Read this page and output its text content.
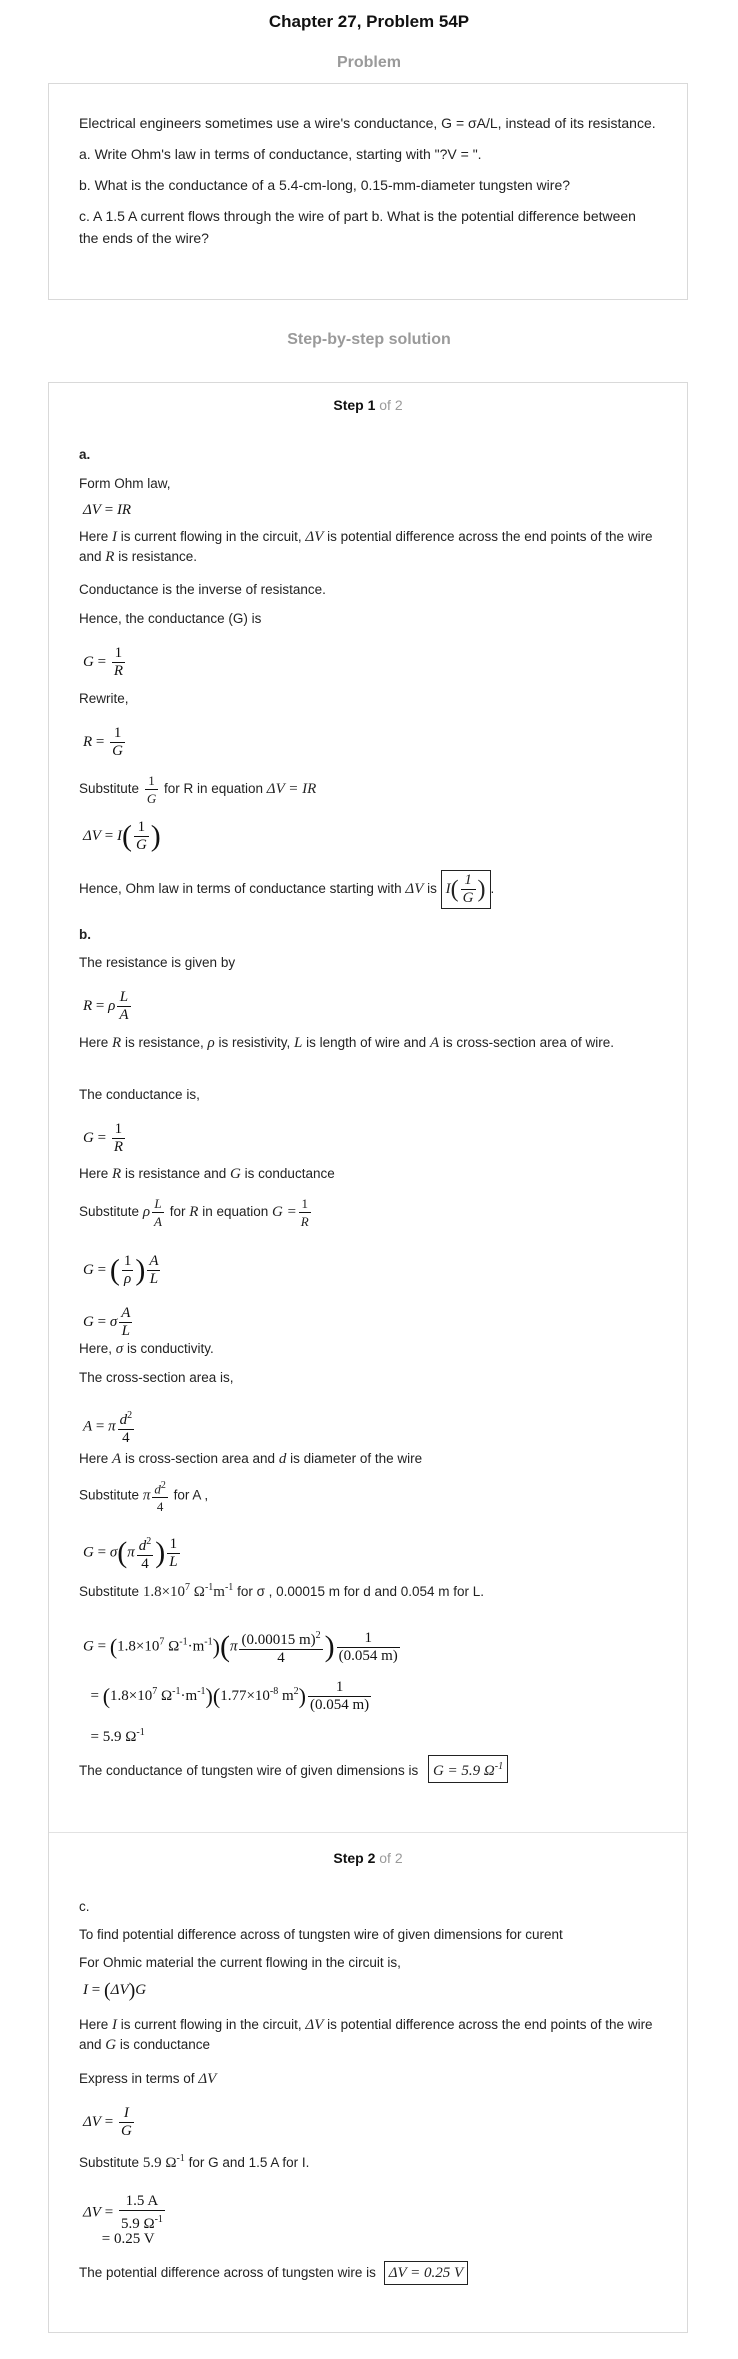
Chapter 27, Problem 54P
Problem

Electrical engineers sometimes use a wire's conductance, G = σA/L, instead of its resistance.

a. Write Ohm's law in terms of conductance, starting with "?V = ".

b. What is the conductance of a 5.4-cm-long, 0.15-mm-diameter tungsten wire?

c. A 1.5 A current flows through the wire of part b. What is the potential difference between the ends of the wire?

Step-by-step solution
Step 1 of 2
a.
Form Ohm law,
ΔV = IR
Here I is current flowing in the circuit, ΔV is potential difference across the end points of the wire and R is resistance.
Conductance is the inverse of resistance.
Hence, the conductance (G) is
$G = \frac{1}{R}$
Rewrite,
$R = \frac{1}{G}$
Substitute $\frac{1}{G}$ for R in equation ΔV = IR
$\Delta V = I( \frac{1}{G}$ )
Hence, Ohm law in terms of conductance starting with ΔV is $I( \frac{1}{G}$ ) .
b.
The resistance is given by
R = ρ $\frac{L}{A}$
Here R is resistance, ρ is resistivity, L is length of wire and A is cross-section area of wire.
The conductance is,
$G = \frac{1}{R}$
Here R is resistance and G is conductance
Substitute ρ $\frac{L}{A}$ for R in equation $G = \frac{1}{R}$
G = ( $\frac{1}{\rho}$ ) $\frac{A}{L}$
G = σ $\frac{A}{L}$
Here, σ is conductivity.
The cross-section area is,
A = π $\frac{d^2}{4}$
Here A is cross-section area and d is diameter of the wire
Substitute π $\frac{d^2}{4}$ for A ,
$G = \sigma(\pi \frac{d^2}{4}$ ) $\frac{1}{L}$
Substitute $1.8\times 10^7$ $\Omega^{-1}m^{-1}$ for σ , 0.00015 m for d and 0.054 m for L.
$G = (1.8\times 10^7$ $\Omega^{-1}\cdot m^{-1})(\pi \frac{(0.00015 m)^2}{4}$ ) $\frac{1}{(0.054 m)}$
= ($1.8\times 10^7$ $\Omega^{-1}\cdot m^{-1})(1.77\times 10^{-8}$ $m^2) \frac{1}{(0.054 m)}$
= 5.9 $\Omega^{-1}$
The conductance of tungsten wire of given dimensions is G = 5.9 $\Omega^{-1}$
Step 2 of 2
c.
To find potential difference across of tungsten wire of given dimensions for curent
For Ohmic material the current flowing in the circuit is,
I = (ΔV)G
Here I is current flowing in the circuit, ΔV is potential difference across the end points of the wire and G is conductance
Express in terms of ΔV
$\Delta V = \frac{I}{G}$
Substitute 5.9 $\Omega^{-1}$ for G and 1.5 A for I.
$\Delta V = \frac{1.5 A}{5.9 \Omega^{-1}}$
= 0.25 V
The potential difference across of tungsten wire is ΔV = 0.25 V
